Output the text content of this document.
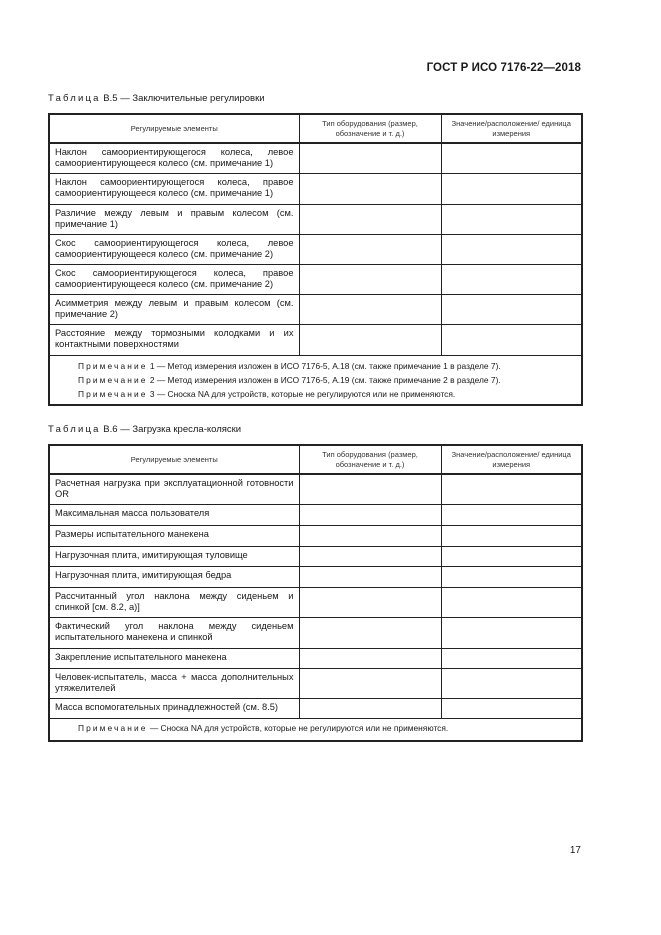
ГОСТ Р ИСО 7176-22—2018
Таблица В.5 — Заключительные регулировки
Регулируемые элементы	Тип оборудования (размер, обозначение и т. д.)	Значение/расположение/ единица измерения
Наклон самоориентирующегося колеса, левое самоориентирующееся колесо (см. примечание 1)		
Наклон самоориентирующегося колеса, правое самоориентирующееся колесо (см. примечание 1)		
Различие между левым и правым колесом (см. примечание 1)		
Скос самоориентирующегося колеса, левое самоориентирующееся колесо (см. примечание 2)		
Скос самоориентирующегося колеса, правое самоориентирующееся колесо (см. примечание 2)		
Асимметрия между левым и правым колесом (см. примечание 2)		
Расстояние между тормозными колодками и их контактными поверхностями		

Примечание 1 — Метод измерения изложен в ИСО 7176-5, А.18 (см. также примечание 1 в разделе 7).
Примечание 2 — Метод измерения изложен в ИСО 7176-5, А.19 (см. также примечание 2 в разделе 7).
Примечание 3 — Сноска NA для устройств, которые не регулируются или не применяются.		
Таблица В.6 — Загрузка кресла-коляски
Регулируемые элементы	Тип оборудования (размер, обозначение и т. д.)	Значение/расположение/ единица измерения
Расчетная нагрузка при эксплуатационной готовности OR		
Максимальная масса пользователя		
Размеры испытательного манекена		
Нагрузочная плита, имитирующая туловище		
Нагрузочная плита, имитирующая бедра		
Рассчитанный угол наклона между сиденьем и спинкой [см. 8.2, а)]		
Фактический угол наклона между сиденьем испытательного манекена и спинкой		
Закрепление испытательного манекена		
Человек-испытатель, масса + масса дополнительных утяжелителей		
Масса вспомогательных принадлежностей (см. 8.5)		

Примечание — Сноска NA для устройств, которые не регулируются или не применяются.		
17
